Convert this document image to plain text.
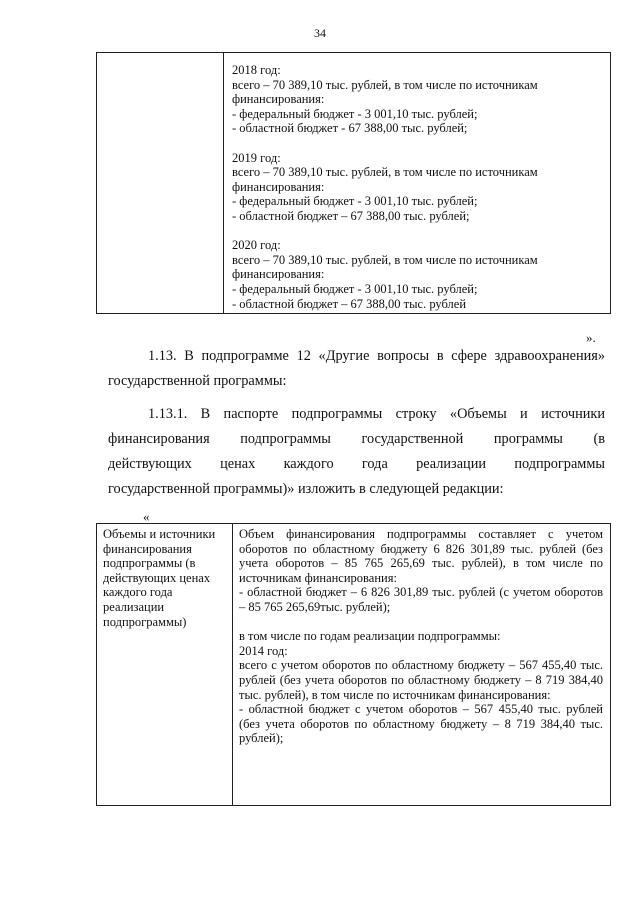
34

2018 год:
всего – 70 389,10 тыс. рублей, в том числе по источникам финансирования:
- федеральный бюджет - 3 001,10 тыс. рублей;
- областной бюджет - 67 388,00 тыс. рублей;
2019 год:
всего – 70 389,10 тыс. рублей, в том числе по источникам финансирования:
- федеральный бюджет - 3 001,10 тыс. рублей;
- областной бюджет – 67 388,00 тыс. рублей;
2020 год:
всего – 70 389,10 тыс. рублей, в том числе по источникам финансирования:
- федеральный бюджет - 3 001,10 тыс. рублей;
- областной бюджет – 67 388,00 тыс. рублей
».
1.13. В подпрограмме 12 «Другие вопросы в сфере здравоохранения»
государственной программы:
1.13.1. В паспорте подпрограммы строку «Объемы и источники
финансирования подпрограммы государственной программы (в
действующих ценах каждого года реализации подпрограммы
государственной программы)» изложить в следующей редакции:
«
Объемы и источники финансирования подпрограммы (в действующих ценах каждого года реализации подпрограммы)	
Объем финансирования подпрограммы составляет с учетом оборотов по областному бюджету 6 826 301,89 тыс. рублей (без учета оборотов – 85 765 265,69 тыс. рублей), в том числе по источникам финансирования:
- областной бюджет – 6 826 301,89 тыс. рублей (с учетом оборотов – 85 765 265,69тыс. рублей);
в том числе по годам реализации подпрограммы:
2014 год:
всего с учетом оборотов по областному бюджету – 567 455,40 тыс. рублей (без учета оборотов по областному бюджету – 8 719 384,40 тыс. рублей), в том числе по источникам финансирования:
- областной бюджет с учетом оборотов – 567 455,40 тыс. рублей (без учета оборотов по областному бюджету – 8 719 384,40 тыс. рублей);
